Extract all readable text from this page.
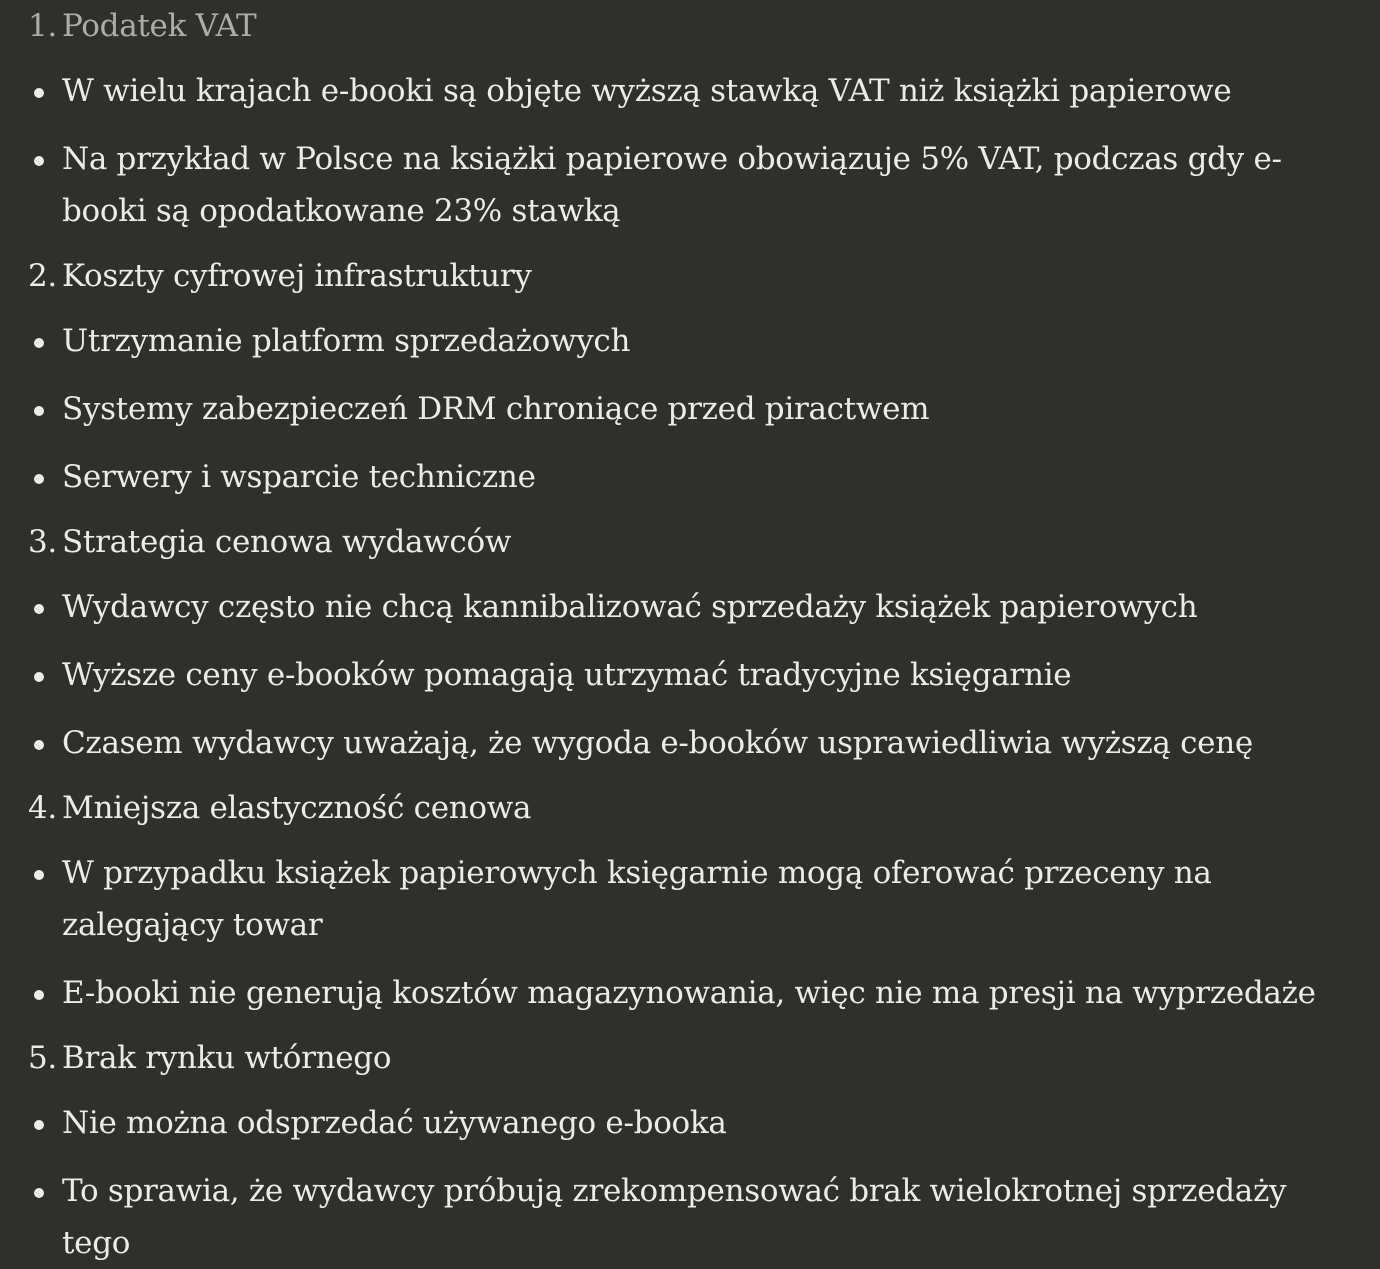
1. Podatek VAT

W wielu krajach e-booki są objęte wyższą stawką VAT niż książki papierowe

Na przykład w Polsce na książki papierowe obowiązuje 5% VAT, podczas gdy e-booki są opodatkowane 23% stawką

2. Koszty cyfrowej infrastruktury

Utrzymanie platform sprzedażowych

Systemy zabezpieczeń DRM chroniące przed piractwem

Serwery i wsparcie techniczne

3. Strategia cenowa wydawców

Wydawcy często nie chcą kannibalizować sprzedaży książek papierowych

Wyższe ceny e-booków pomagają utrzymać tradycyjne księgarnie

Czasem wydawcy uważają, że wygoda e-booków usprawiedliwia wyższą cenę

4. Mniejsza elastyczność cenowa

W przypadku książek papierowych księgarnie mogą oferować przeceny na zalegający towar

E-booki nie generują kosztów magazynowania, więc nie ma presji na wyprzedaże

5. Brak rynku wtórnego

Nie można odsprzedać używanego e-booka

To sprawia, że wydawcy próbują zrekompensować brak wielokrotnej sprzedaży tego
